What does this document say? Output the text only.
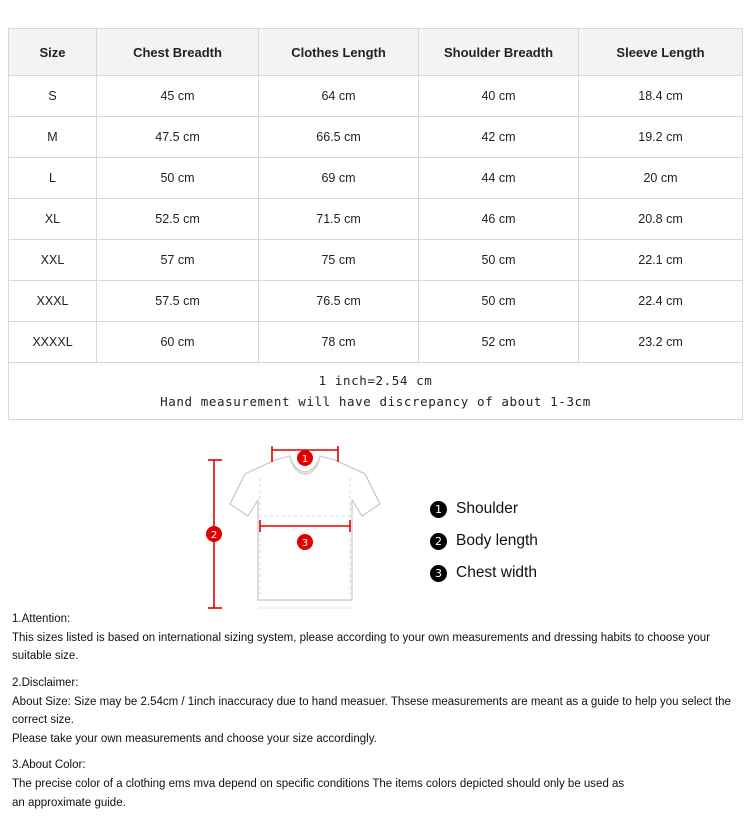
Size	Chest Breadth	Clothes Length	Shoulder Breadth	Sleeve Length
S	45 cm	64 cm	40 cm	18.4 cm
M	47.5 cm	66.5 cm	42 cm	19.2 cm
L	50 cm	69 cm	44 cm	20 cm
XL	52.5 cm	71.5 cm	46 cm	20.8 cm
XXL	57 cm	75 cm	50 cm	22.1 cm
XXXL	57.5 cm	76.5 cm	50 cm	22.4 cm
XXXXL	60 cm	78 cm	52 cm	23.2 cm

1 inch=2.54 cm
Hand measurement will have discrepancy of about 1-3cm				
1
2
3
1 Shoulder
2 Body length
3 Chest width
1.Attention:
This sizes listed is based on international sizing system, please according to your own measurements and dressing habits to choose your suitable size.
2.Disclaimer:
About Size: Size may be 2.54cm / 1inch inaccuracy due to hand measuer. Thsese measurements are meant as a guide to help you select the correct size.
Please take your own measurements and choose your size accordingly.
3.About Color:
The precise color of a clothing ems mva depend on specific conditions The items colors depicted should only be used as
an approximate guide.
